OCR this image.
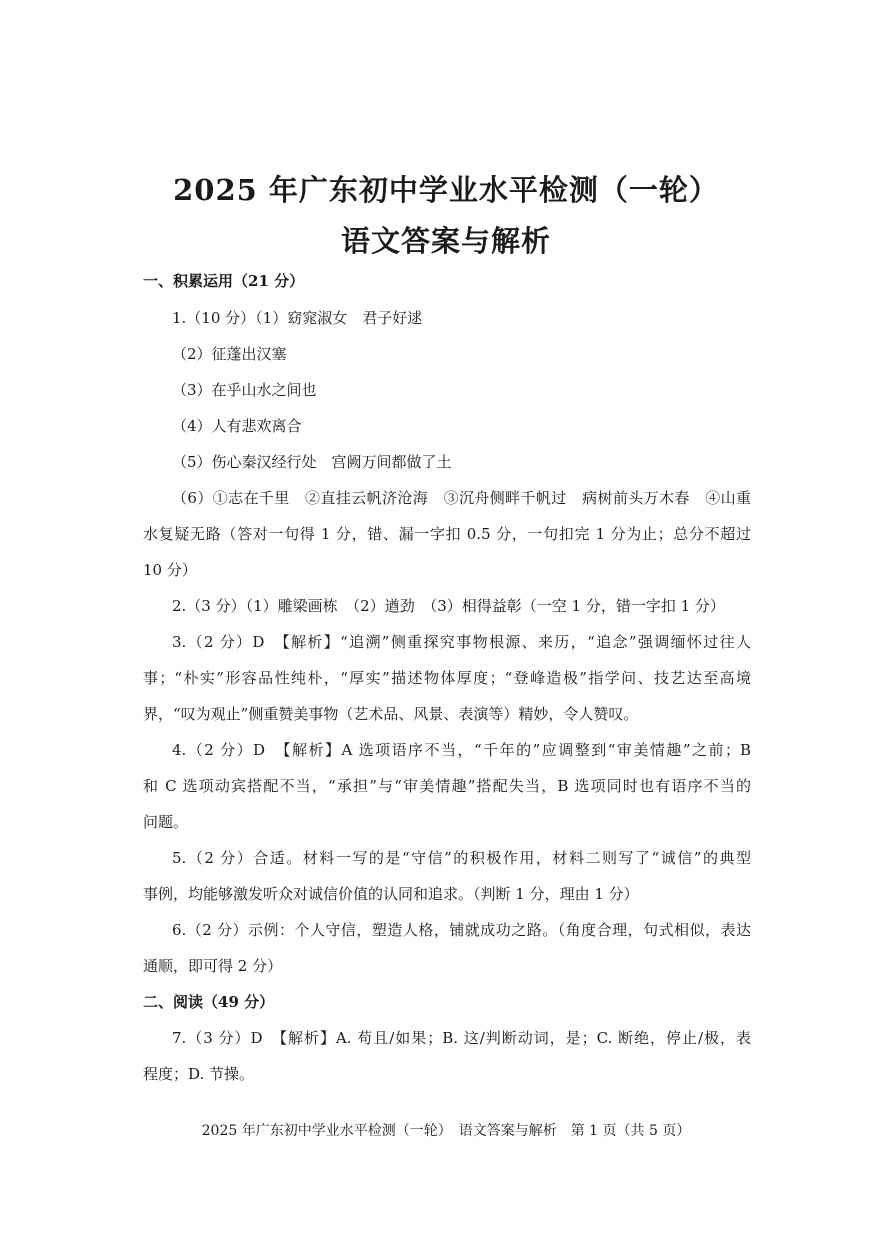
2025 年广东初中学业水平检测（一轮）
语文答案与解析
一、积累运用（21 分）
1.（10 分）（1）窈窕淑女　君子好逑
（2）征蓬出汉塞
（3）在乎山水之间也
（4）人有悲欢离合
（5）伤心秦汉经行处　宫阙万间都做了土
（6）①志在千里　②直挂云帆济沧海　③沉舟侧畔千帆过　病树前头万木春　④山重
水复疑无路（答对一句得 1 分，错、漏一字扣 0.5 分，一句扣完 1 分为止；总分不超过
10 分）
2.（3 分）（1）雕梁画栋　（2）遒劲　（3）相得益彰（一空 1 分，错一字扣 1 分）
3.（2 分）D　【解析】“追溯”侧重探究事物根源、来历，“追念”强调缅怀过往人
事；“朴实”形容品性纯朴，“厚实”描述物体厚度；“登峰造极”指学问、技艺达至高境
界，“叹为观止”侧重赞美事物（艺术品、风景、表演等）精妙，令人赞叹。
4.（2 分）D　【解析】A 选项语序不当，“千年的”应调整到“审美情趣”之前；B
和 C 选项动宾搭配不当，“承担”与“审美情趣”搭配失当，B 选项同时也有语序不当的
问题。
5.（2 分）合适。材料一写的是“守信”的积极作用，材料二则写了“诚信”的典型
事例，均能够激发听众对诚信价值的认同和追求。（判断 1 分，理由 1 分）
6.（2 分）示例：个人守信，塑造人格，铺就成功之路。（角度合理，句式相似，表达
通顺，即可得 2 分）
二、阅读（49 分）
7.（3 分）D　【解析】A. 苟且/如果；B. 这/判断动词，是；C. 断绝，停止/极，表
程度；D. 节操。
2025 年广东初中学业水平检测（一轮）　语文答案与解析　第 1 页（共 5 页）
